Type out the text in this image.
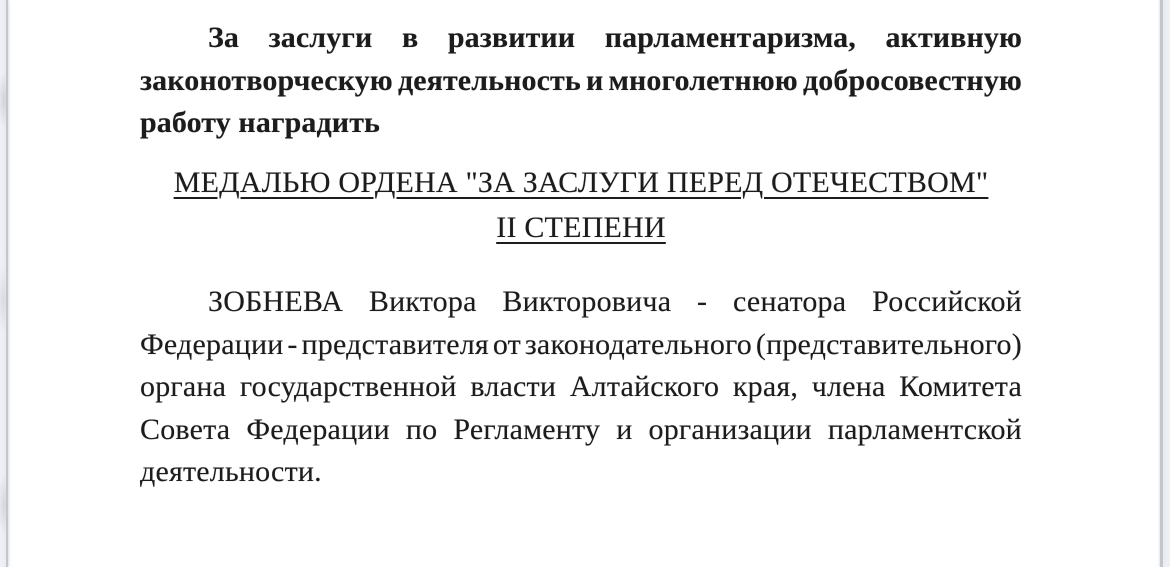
За заслуги в развитии парламентаризма, активную
законотворческую деятельность и многолетнюю добросовестную
работу наградить
МЕДАЛЬЮ ОРДЕНА "ЗА ЗАСЛУГИ ПЕРЕД ОТЕЧЕСТВОМ"
II СТЕПЕНИ
ЗОБНЕВА Виктора Викторовича - сенатора Российской
Федерации - представителя от законодательного (представительного)
органа государственной власти Алтайского края, члена Комитета
Совета Федерации по Регламенту и организации парламентской
деятельности.
